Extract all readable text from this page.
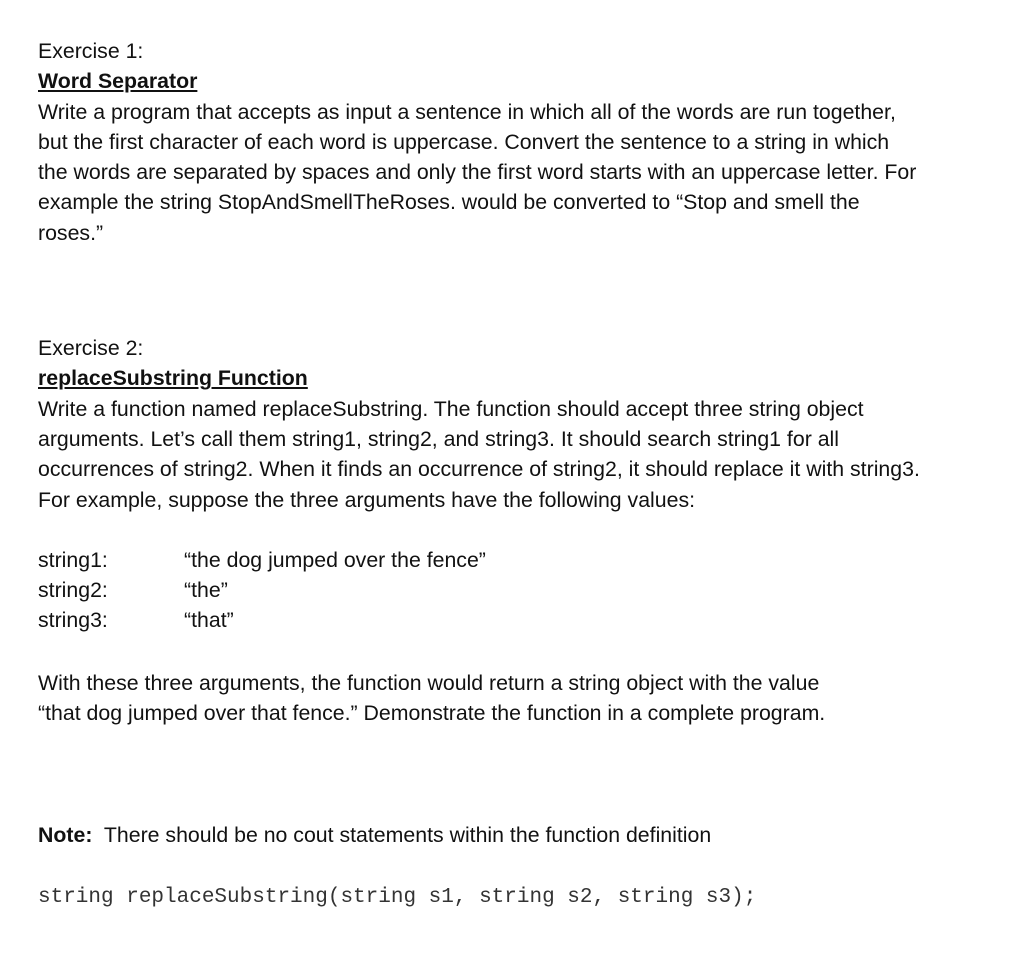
Exercise 1:
Word Separator
Write a program that accepts as input a sentence in which all of the words are run together,
but the first character of each word is uppercase. Convert the sentence to a string in which
the words are separated by spaces and only the first word starts with an uppercase letter. For
example the string StopAndSmellTheRoses. would be converted to “Stop and smell the
roses.”
Exercise 2:
replaceSubstring Function
Write a function named replaceSubstring. The function should accept three string object
arguments. Let’s call them string1, string2, and string3. It should search string1 for all
occurrences of string2. When it finds an occurrence of string2, it should replace it with string3.
For example, suppose the three arguments have the following values:
string1:	“the dog jumped over the fence”
string2:	“the”
string3:	“that”
With these three arguments, the function would return a string object with the value
“that dog jumped over that fence.” Demonstrate the function in a complete program.
Note: There should be no cout statements within the function definition
string replaceSubstring(string s1, string s2, string s3);
